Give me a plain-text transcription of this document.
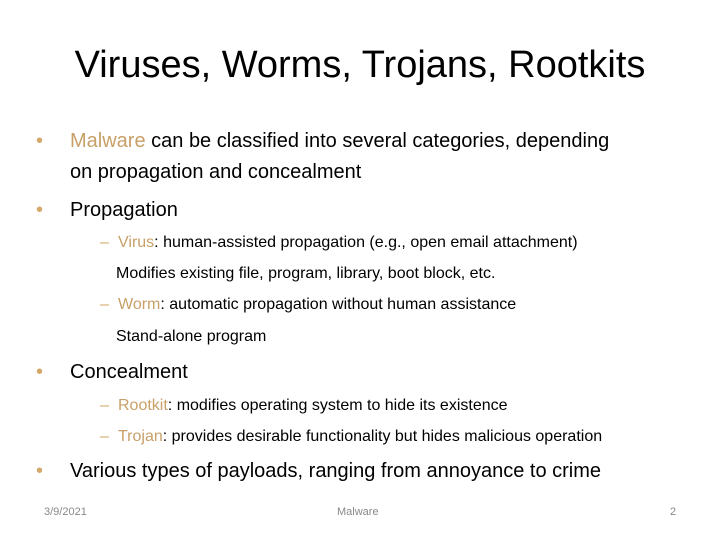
Viruses, Worms, Trojans, Rootkits
• Malware can be classified into several categories, depending
on propagation and concealment
• Propagation
– Virus: human-assisted propagation (e.g., open email attachment)
Modifies existing file, program, library, boot block, etc.
– Worm: automatic propagation without human assistance
Stand-alone program
• Concealment
– Rootkit: modifies operating system to hide its existence
– Trojan: provides desirable functionality but hides malicious operation
• Various types of payloads, ranging from annoyance to crime
3/9/2021	Malware	2
